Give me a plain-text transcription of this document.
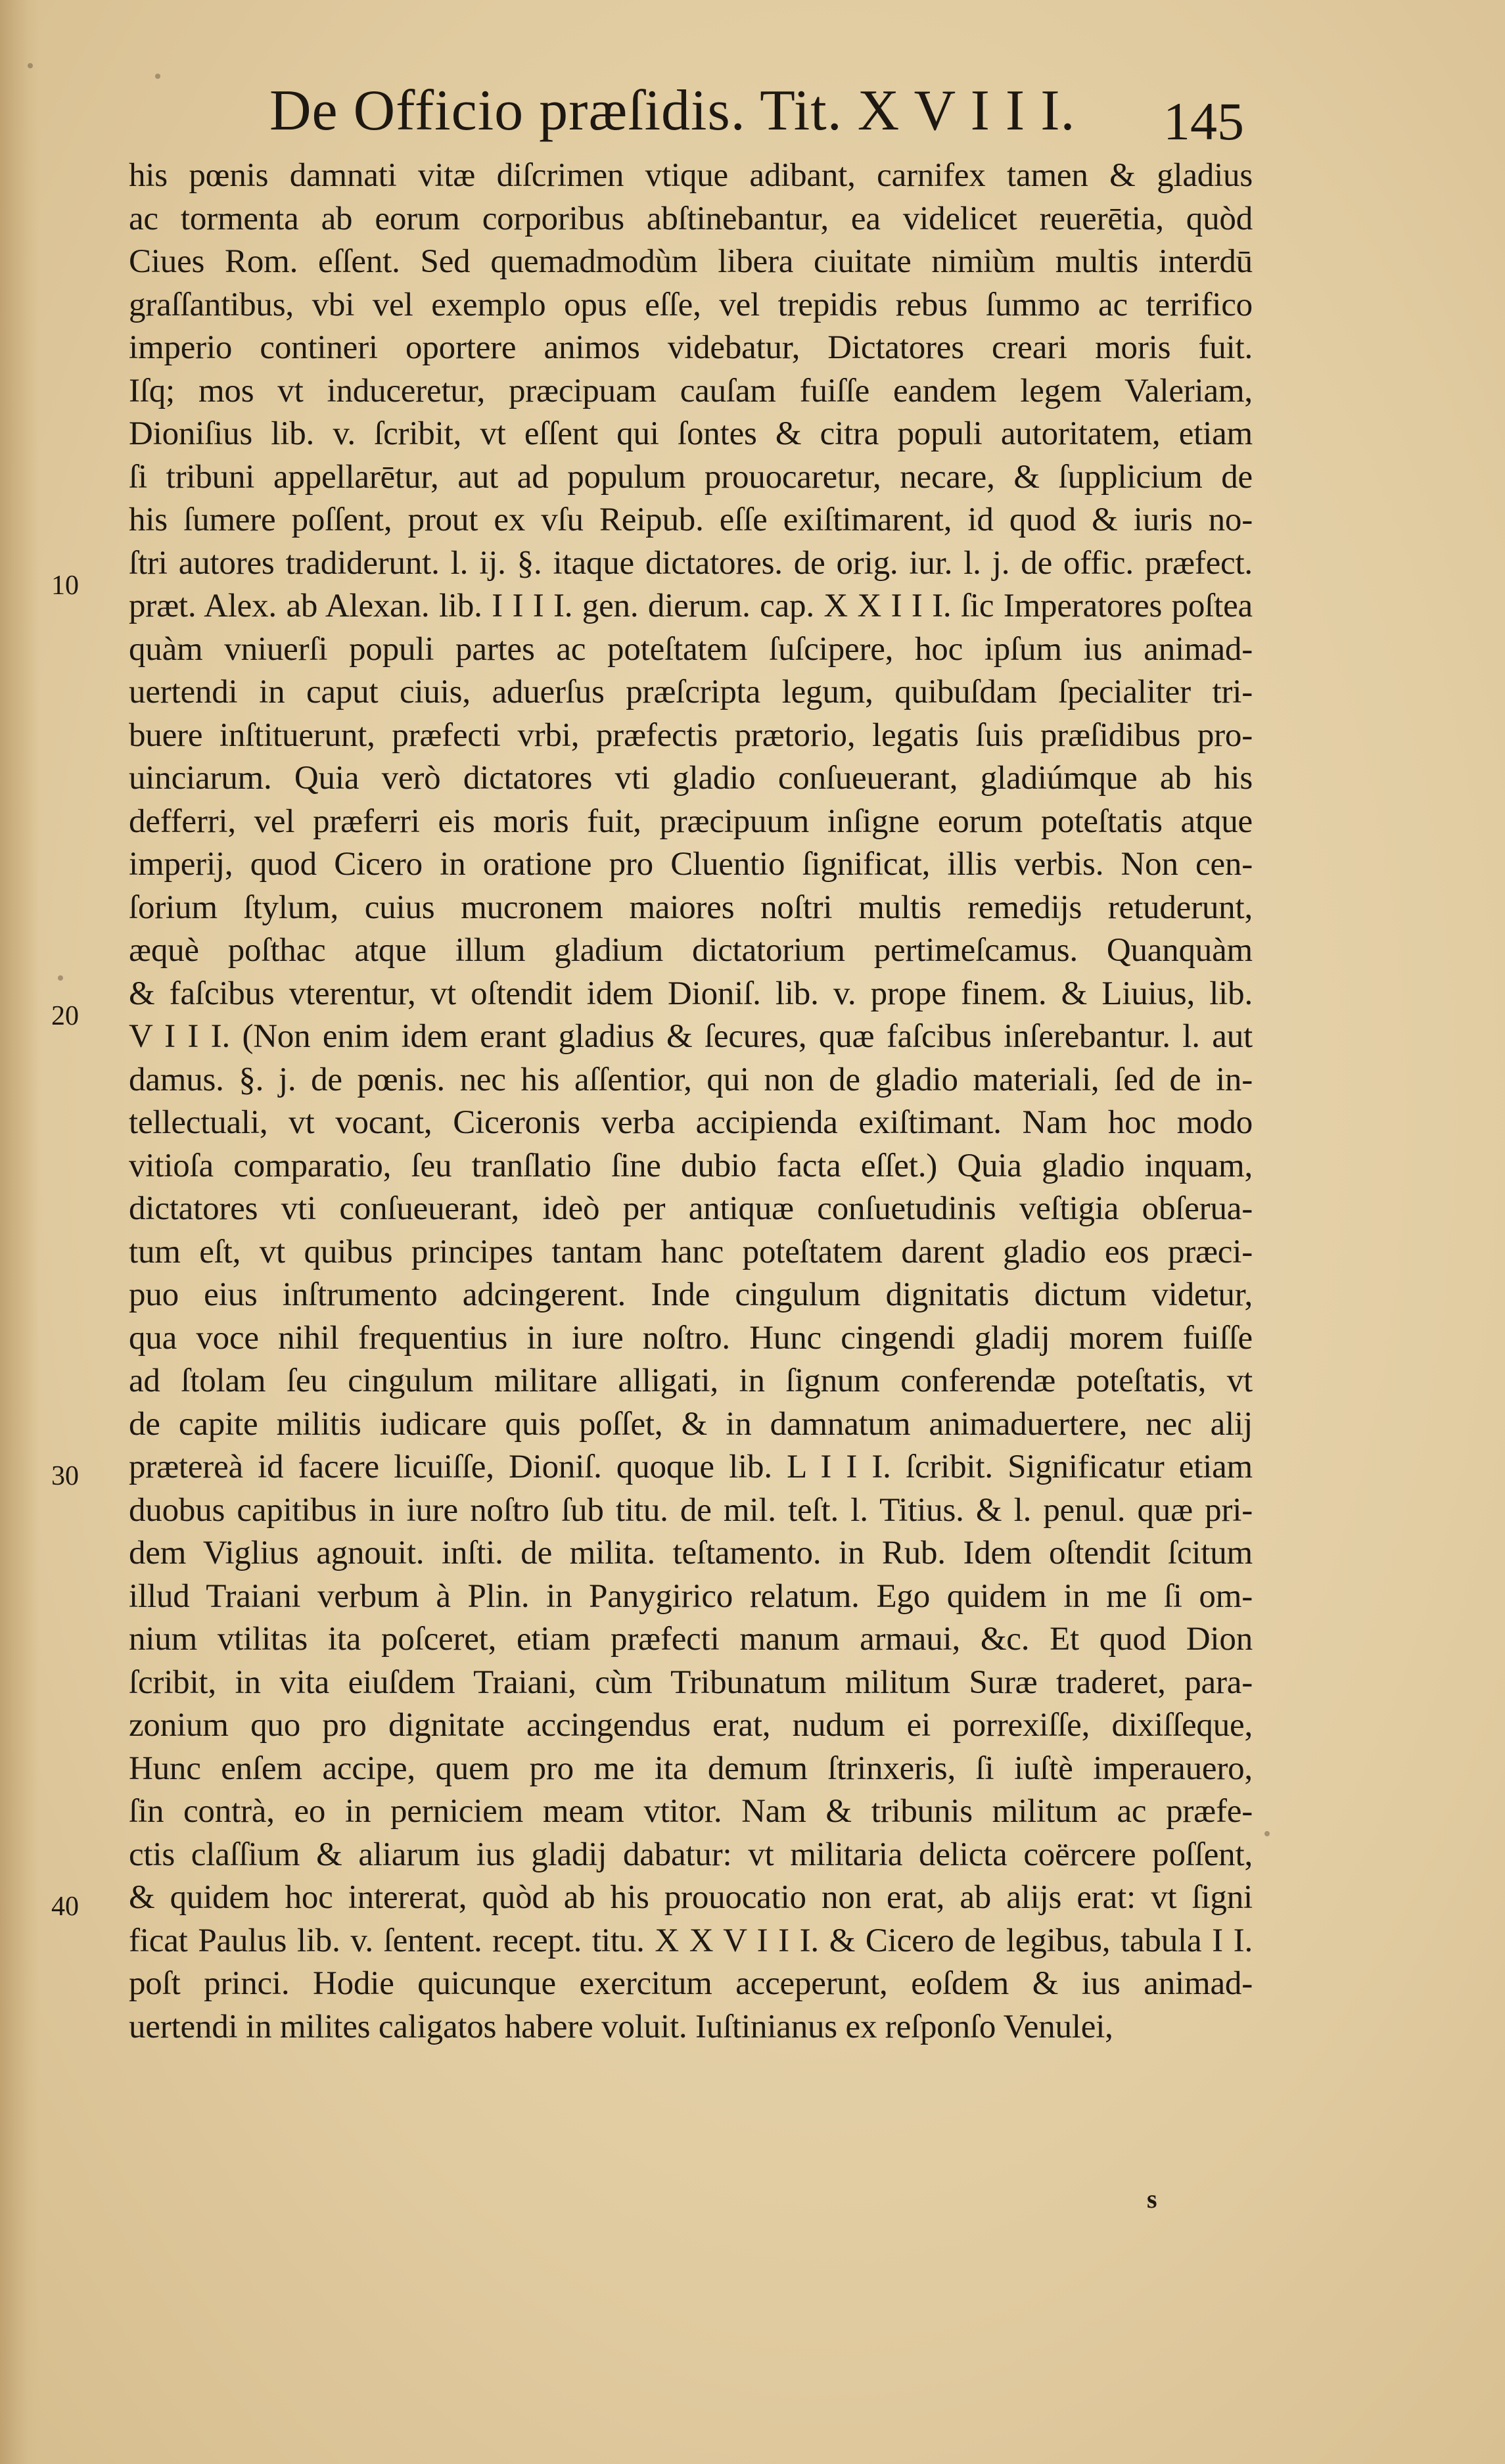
De Officio præſidis. Tit. X V I I I. 145
his pœnis damnati vitæ diſcrimen vtique adibant, carnifex tamen & gladius
ac tormenta ab eorum corporibus abſtinebantur, ea videlicet reuerētia, quòd
Ciues Rom. eſſent. Sed quemadmodùm libera ciuitate nimiùm multis interdū
graſſantibus, vbi vel exemplo opus eſſe, vel trepidis rebus ſummo ac terrifico
imperio contineri oportere animos videbatur, Dictatores creari moris fuit.
Iſq; mos vt induceretur, præcipuam cauſam fuiſſe eandem legem Valeriam,
Dioniſius lib. v. ſcribit, vt eſſent qui ſontes & citra populi autoritatem, etiam
ſi tribuni appellarētur, aut ad populum prouocaretur, necare, & ſupplicium de
his ſumere poſſent, prout ex vſu Reipub. eſſe exiſtimarent, id quod & iuris no-
ſtri autores tradiderunt. l. ij. §. itaque dictatores. de orig. iur. l. j. de offic. præfect.
præt. Alex. ab Alexan. lib. I I I I. gen. dierum. cap. X X I I I. ſic Imperatores poſtea
quàm vniuerſi populi partes ac poteſtatem ſuſcipere, hoc ipſum ius animad-
uertendi in caput ciuis, aduerſus præſcripta legum, quibuſdam ſpecialiter tri-
buere inſtituerunt, præfecti vrbi, præfectis prætorio, legatis ſuis præſidibus pro-
uinciarum. Quia verò dictatores vti gladio conſueuerant, gladiúmque ab his
defferri, vel præferri eis moris fuit, præcipuum inſigne eorum poteſtatis atque
imperij, quod Cicero in oratione pro Cluentio ſignificat, illis verbis. Non cen-
ſorium ſtylum, cuius mucronem maiores noſtri multis remedijs retuderunt,
æquè poſthac atque illum gladium dictatorium pertimeſcamus. Quanquàm
& faſcibus vterentur, vt oſtendit idem Dioniſ. lib. v. prope finem. & Liuius, lib.
V I I I. (Non enim idem erant gladius & ſecures, quæ faſcibus inſerebantur. l. aut
damus. §. j. de pœnis. nec his aſſentior, qui non de gladio materiali, ſed de in-
tellectuali, vt vocant, Ciceronis verba accipienda exiſtimant. Nam hoc modo
vitioſa comparatio, ſeu tranſlatio ſine dubio facta eſſet.) Quia gladio inquam,
dictatores vti conſueuerant, ideò per antiquæ conſuetudinis veſtigia obſerua-
tum eſt, vt quibus principes tantam hanc poteſtatem darent gladio eos præci-
puo eius inſtrumento adcingerent. Inde cingulum dignitatis dictum videtur,
qua voce nihil frequentius in iure noſtro. Hunc cingendi gladij morem fuiſſe
ad ſtolam ſeu cingulum militare alligati, in ſignum conferendæ poteſtatis, vt
de capite militis iudicare quis poſſet, & in damnatum animaduertere, nec alij
prætereà id facere licuiſſe, Dioniſ. quoque lib. L I I I. ſcribit. Significatur etiam
duobus capitibus in iure noſtro ſub titu. de mil. teſt. l. Titius. & l. penul. quæ pri-
dem Viglius agnouit. inſti. de milita. teſtamento. in Rub. Idem oſtendit ſcitum
illud Traiani verbum à Plin. in Panygirico relatum. Ego quidem in me ſi om-
nium vtilitas ita poſceret, etiam præfecti manum armaui, &c. Et quod Dion
ſcribit, in vita eiuſdem Traiani, cùm Tribunatum militum Suræ traderet, para-
zonium quo pro dignitate accingendus erat, nudum ei porrexiſſe, dixiſſeque,
Hunc enſem accipe, quem pro me ita demum ſtrinxeris, ſi iuſtè imperauero,
ſin contrà, eo in perniciem meam vtitor. Nam & tribunis militum ac præfe-
ctis claſſium & aliarum ius gladij dabatur: vt militaria delicta coërcere poſſent,
& quidem hoc intererat, quòd ab his prouocatio non erat, ab alijs erat: vt ſigni
ficat Paulus lib. v. ſentent. recept. titu. X X V I I I. & Cicero de legibus, tabula I I.
poſt princi. Hodie quicunque exercitum acceperunt, eoſdem & ius animad-
uertendi in milites caligatos habere voluit. Iuſtinianus ex reſponſo Venulei,
10
20
30
40
s
